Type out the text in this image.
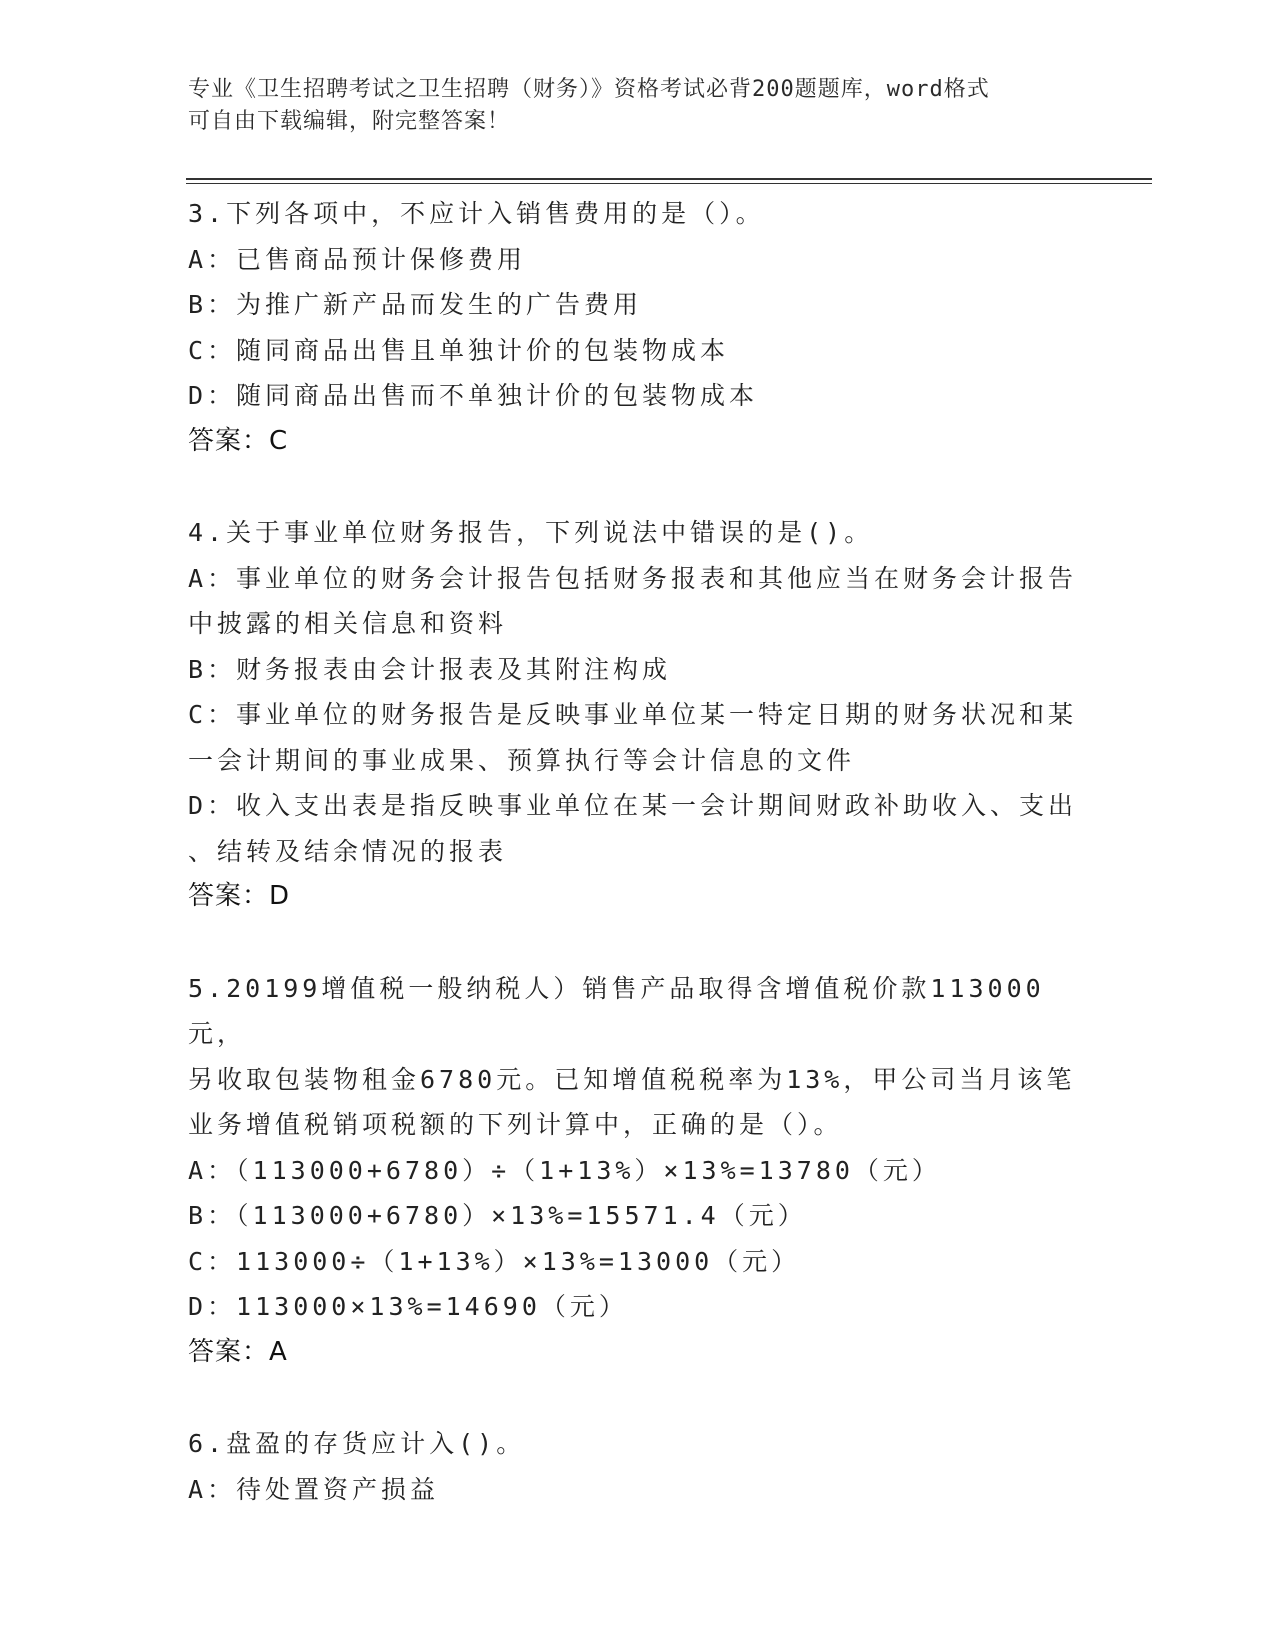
专业《卫生招聘考试之卫生招聘（财务）》资格考试必背200题题库，word格式
可自由下载编辑，附完整答案！
3.下列各项中，不应计入销售费用的是（）。
A：已售商品预计保修费用
B：为推广新产品而发生的广告费用
C：随同商品出售且单独计价的包装物成本
D：随同商品出售而不单独计价的包装物成本
答案：C
4.关于事业单位财务报告，下列说法中错误的是()。
A：事业单位的财务会计报告包括财务报表和其他应当在财务会计报告
中披露的相关信息和资料
B：财务报表由会计报表及其附注构成
C：事业单位的财务报告是反映事业单位某一特定日期的财务状况和某
一会计期间的事业成果、预算执行等会计信息的文件
D：收入支出表是指反映事业单位在某一会计期间财政补助收入、支出
、结转及结余情况的报表
答案：D
5.20199增值税一般纳税人）销售产品取得含增值税价款113000元，
另收取包装物租金6780元。已知增值税税率为13%，甲公司当月该笔
业务增值税销项税额的下列计算中，正确的是（）。
A：（113000+6780）÷（1+13%）×13%=13780（元）
B：（113000+6780）×13%=15571.4（元）
C：113000÷（1+13%）×13%=13000（元）
D：113000×13%=14690（元）
答案：A
6.盘盈的存货应计入()。
A：待处置资产损益
